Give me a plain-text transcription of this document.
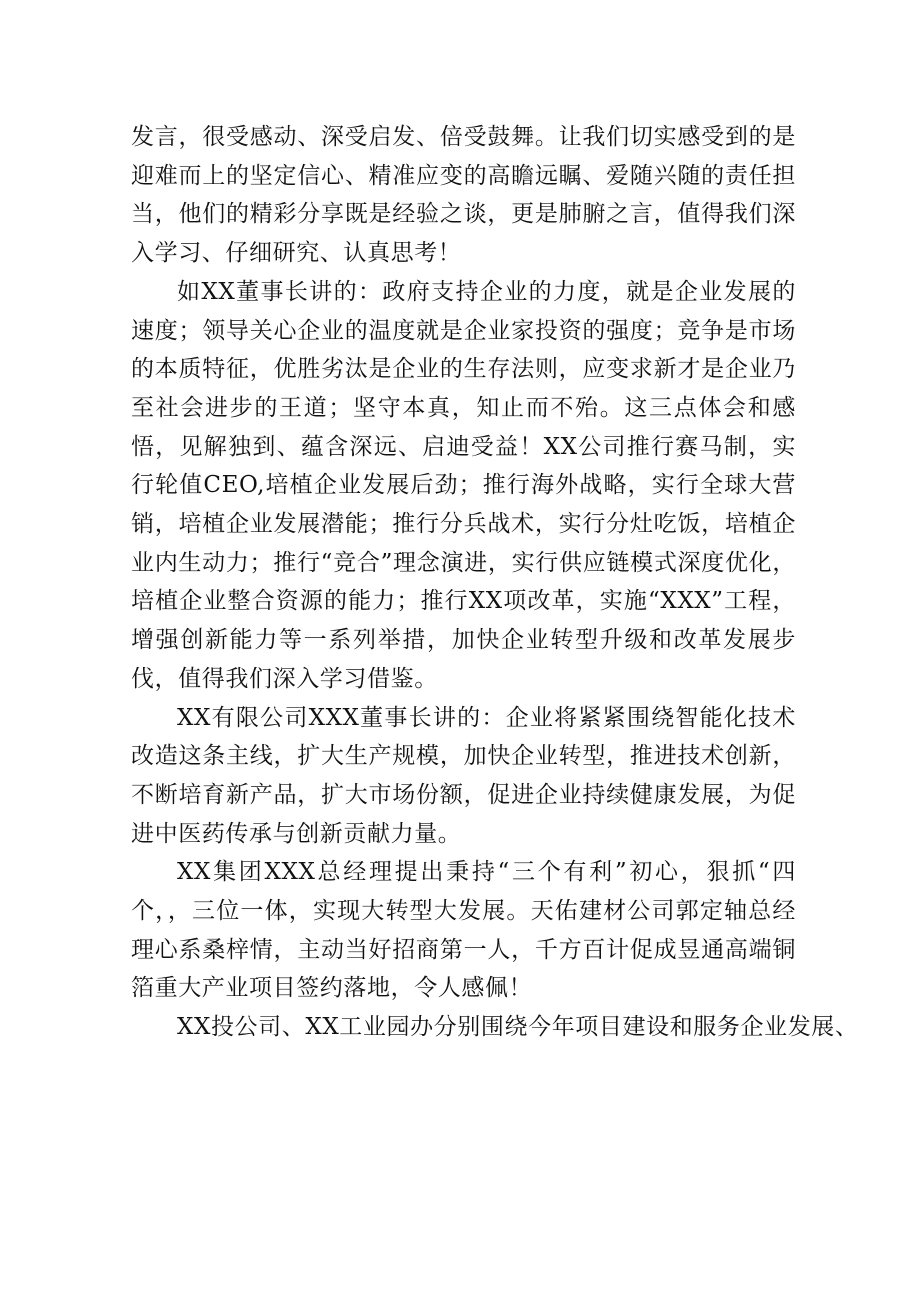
发言，很受感动、深受启发、倍受鼓舞。让我们切实感受到的是迎难而上的坚定信心、精准应变的高瞻远瞩、爱随兴随的责任担当，他们的精彩分享既是经验之谈，更是肺腑之言，值得我们深入学习、仔细研究、认真思考！

如XX董事长讲的：政府支持企业的力度，就是企业发展的速度；领导关心企业的温度就是企业家投资的强度；竞争是市场的本质特征，优胜劣汰是企业的生存法则，应变求新才是企业乃至社会进步的王道；坚守本真，知止而不殆。这三点体会和感悟，见解独到、蕴含深远、启迪受益！XX公司推行赛马制，实行轮值CEO,培植企业发展后劲；推行海外战略，实行全球大营销，培植企业发展潜能；推行分兵战术，实行分灶吃饭，培植企业内生动力；推行“竞合”理念演进，实行供应链模式深度优化，培植企业整合资源的能力；推行XX项改革，实施“XXX”工程，增强创新能力等一系列举措，加快企业转型升级和改革发展步伐，值得我们深入学习借鉴。

XX有限公司XXX董事长讲的：企业将紧紧围绕智能化技术改造这条主线，扩大生产规模，加快企业转型，推进技术创新，不断培育新产品，扩大市场份额，促进企业持续健康发展，为促进中医药传承与创新贡献力量。

XX集团XXX总经理提出秉持“三个有利”初心，狠抓“四个，，三位一体，实现大转型大发展。天佑建材公司郭定轴总经理心系桑梓情，主动当好招商第一人，千方百计促成昱通高端铜箔重大产业项目签约落地，令人感佩！

XX投公司、XX工业园办分别围绕今年项目建设和服务企业发展、
